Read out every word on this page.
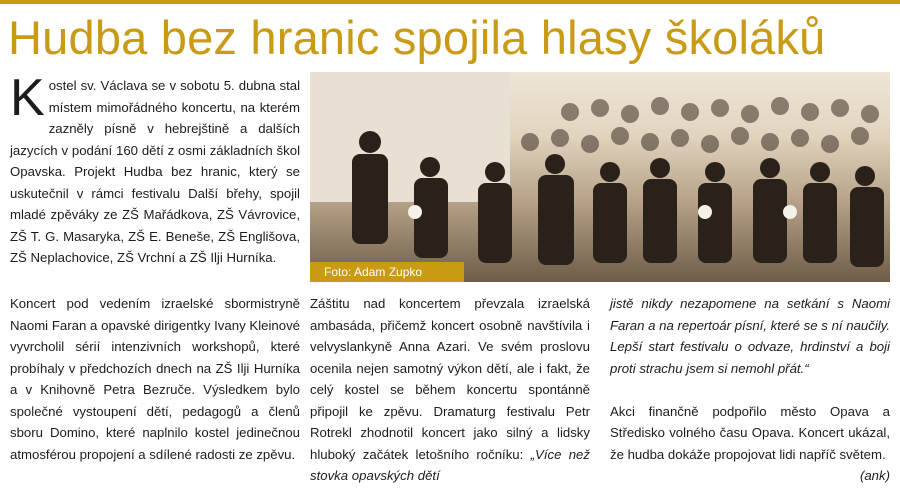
Hudba bez hranic spojila hlasy školáků

Kostel sv. Václava se v sobotu 5. dubna stal místem mimořádného koncertu, na kterém zazněly písně v hebrejštině a dalších jazycích v podání 160 dětí z osmi základních škol Opavska. Projekt Hudba bez hranic, který se uskutečnil v rámci festivalu Další břehy, spojil mladé zpěváky ze ZŠ Mařádkova, ZŠ Vávrovice, ZŠ T. G. Masaryka, ZŠ E. Beneše, ZŠ Englišova, ZŠ Neplachovice, ZŠ Vrchní a ZŠ Ilji Hurníka.

Foto: Adam Zupko

Koncert pod vedením izraelské sbormistryně Naomi Faran a opavské dirigentky Ivany Kleinové vyvrcholil sérií intenzivních workshopů, které probíhaly v předchozích dnech na ZŠ Ilji Hurníka a v Knihovně Petra Bezruče. Výsledkem bylo společné vystoupení dětí, pedagogů a členů sboru Domino, které naplnilo kostel jedinečnou atmosférou propojení a sdílené radosti ze zpěvu.

Záštitu nad koncertem převzala izraelská ambasáda, přičemž koncert osobně navštívila i velvyslankyně Anna Azari. Ve svém proslovu ocenila nejen samotný výkon dětí, ale i fakt, že celý kostel se během koncertu spontánně připojil ke zpěvu. Dramaturg festivalu Petr Rotrekl zhodnotil koncert jako silný a lidsky hluboký začátek letošního ročníku: „Více než stovka opavských dětí

jistě nikdy nezapomene na setkání s Naomi Faran a na repertoár písní, které se s ní naučily. Lepší start festivalu o odvaze, hrdinství a boji proti strachu jsem si nemohl přát.“

Akci finančně podpořilo město Opava a Středisko volného času Opava. Koncert ukázal, že hudba dokáže propojovat lidi napříč světem.
(ank)
